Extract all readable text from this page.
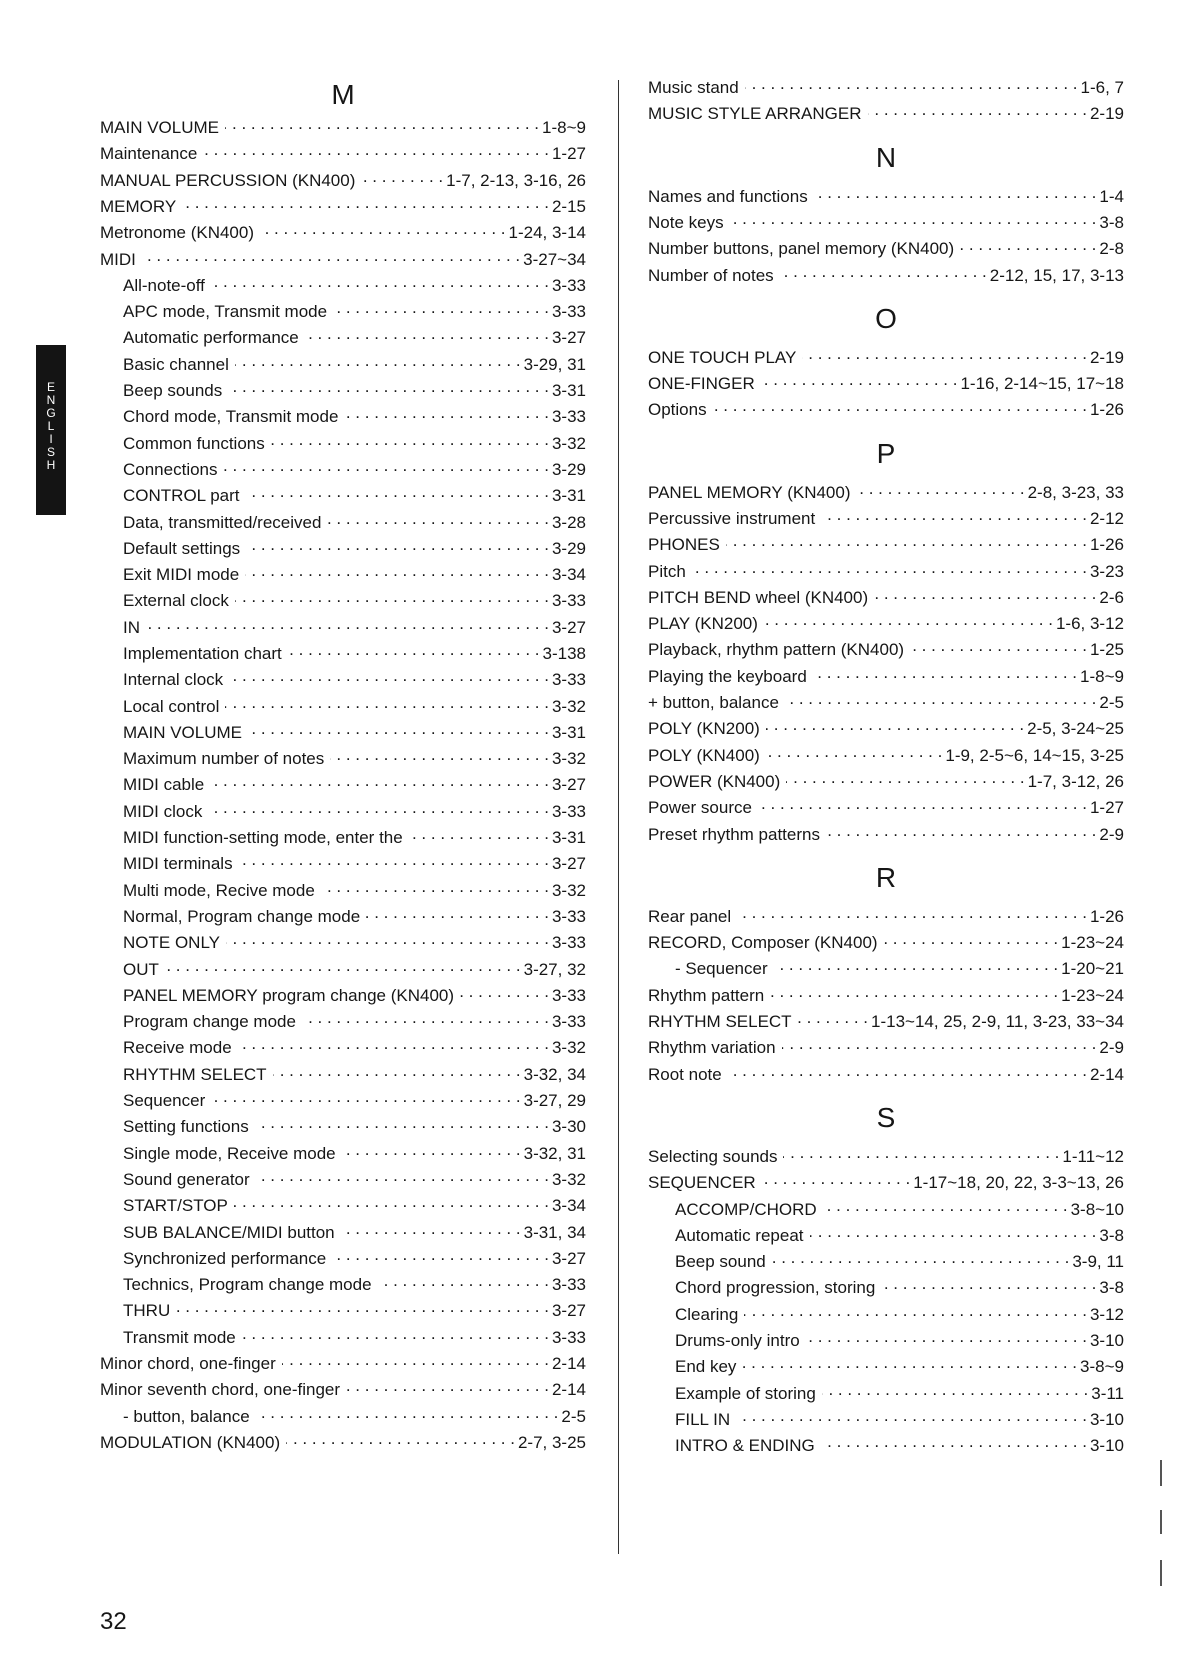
E
N
G
L
I
S
H
M
MAIN VOLUME . . .	1-8~9
Maintenance . . .	1-27
MANUAL PERCUSSION (KN400) . . .	1-7, 2-13, 3-16, 26
MEMORY . . .	2-15
Metronome (KN400) . . .	1-24, 3-14
MIDI . . .	3-27~34
All-note-off . . .	3-33
APC mode, Transmit mode . . .	3-33
Automatic performance . . .	3-27
Basic channel . . .	3-29, 31
Beep sounds . . .	3-31
Chord mode, Transmit mode . . .	3-33
Common functions . . .	3-32
Connections . . .	3-29
CONTROL part . . .	3-31
Data, transmitted/received . . .	3-28
Default settings . . .	3-29
Exit MIDI mode . . .	3-34
External clock . . .	3-33
IN . . .	3-27
Implementation chart . . .	3-138
Internal clock . . .	3-33
Local control . . .	3-32
MAIN VOLUME . . .	3-31
Maximum number of notes . . .	3-32
MIDI cable . . .	3-27
MIDI clock . . .	3-33
MIDI function-setting mode, enter the . . .	3-31
MIDI terminals . . .	3-27
Multi mode, Recive mode . . .	3-32
Normal, Program change mode . . .	3-33
NOTE ONLY . . .	3-33
OUT . . .	3-27, 32
PANEL MEMORY program change (KN400) . . .	3-33
Program change mode . . .	3-33
Receive mode . . .	3-32
RHYTHM SELECT . . .	3-32, 34
Sequencer . . .	3-27, 29
Setting functions . . .	3-30
Single mode, Receive mode . . .	3-32, 31
Sound generator . . .	3-32
START/STOP . . .	3-34
SUB BALANCE/MIDI button . . .	3-31, 34
Synchronized performance . . .	3-27
Technics, Program change mode . . .	3-33
THRU . . .	3-27
Transmit mode . . .	3-33
Minor chord, one-finger . . .	2-14
Minor seventh chord, one-finger . . .	2-14
- button, balance . . .	2-5
MODULATION (KN400) . . .	2-7, 3-25
Music stand . . .	1-6, 7
MUSIC STYLE ARRANGER . . .	2-19
N
Names and functions . . .	1-4
Note keys . . .	3-8
Number buttons, panel memory (KN400) . . .	2-8
Number of notes . . .	2-12, 15, 17, 3-13
O
ONE TOUCH PLAY . . .	2-19
ONE-FINGER . . .	1-16, 2-14~15, 17~18
Options . . .	1-26
P
PANEL MEMORY (KN400) . . .	2-8, 3-23, 33
Percussive instrument . . .	2-12
PHONES . . .	1-26
Pitch . . .	3-23
PITCH BEND wheel (KN400) . . .	2-6
PLAY (KN200) . . .	1-6, 3-12
Playback, rhythm pattern (KN400) . . .	1-25
Playing the keyboard . . .	1-8~9
+ button, balance . . .	2-5
POLY (KN200) . . .	2-5, 3-24~25
POLY (KN400) . . .	1-9, 2-5~6, 14~15, 3-25
POWER (KN400) . . .	1-7, 3-12, 26
Power source . . .	1-27
Preset rhythm patterns . . .	2-9
R
Rear panel . . .	1-26
RECORD, Composer (KN400) . . .	1-23~24
- Sequencer . . .	1-20~21
Rhythm pattern . . .	1-23~24
RHYTHM SELECT . . .	1-13~14, 25, 2-9, 11, 3-23, 33~34
Rhythm variation . . .	2-9
Root note . . .	2-14
S
Selecting sounds . . .	1-11~12
SEQUENCER . . .	1-17~18, 20, 22, 3-3~13, 26
ACCOMP/CHORD . . .	3-8~10
Automatic repeat . . .	3-8
Beep sound . . .	3-9, 11
Chord progression, storing . . .	3-8
Clearing . . .	3-12
Drums-only intro . . .	3-10
End key . . .	3-8~9
Example of storing . . .	3-11
FILL IN . . .	3-10
INTRO & ENDING . . .	3-10
32
